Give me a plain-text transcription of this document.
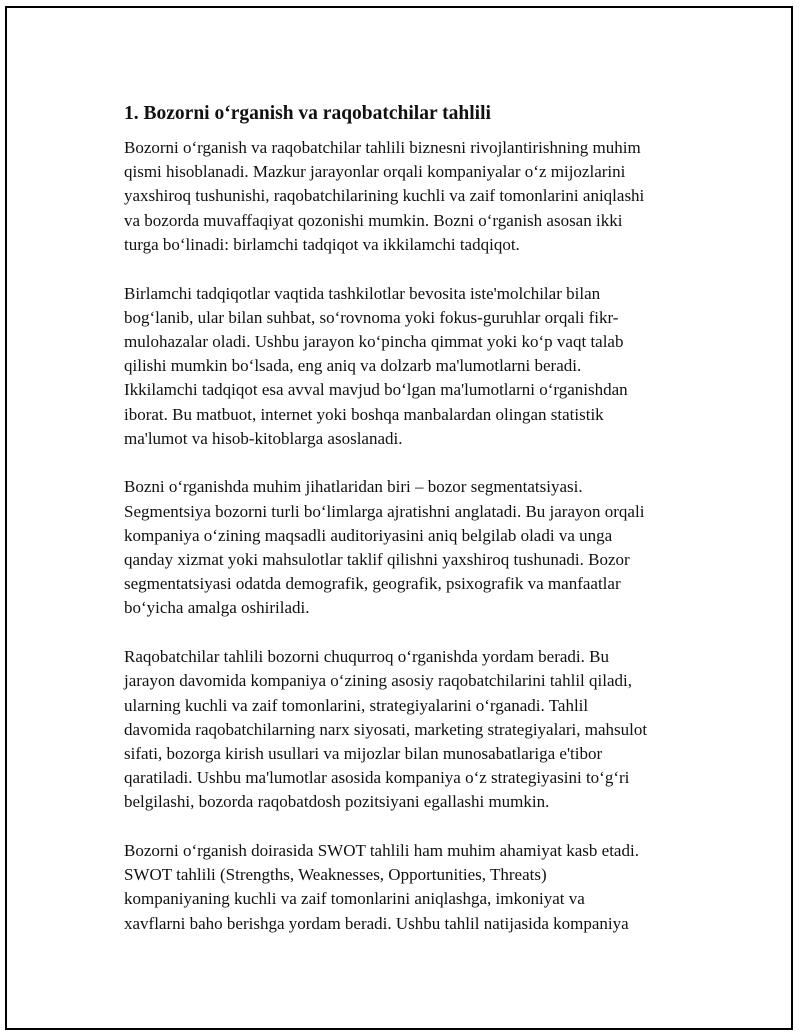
1. Bozorni o‘rganish va raqobatchilar tahlili

Bozorni o‘rganish va raqobatchilar tahlili biznesni rivojlantirishning muhim
qismi hisoblanadi. Mazkur jarayonlar orqali kompaniyalar o‘z mijozlarini
yaxshiroq tushunishi, raqobatchilarining kuchli va zaif tomonlarini aniqlashi
va bozorda muvaffaqiyat qozonishi mumkin. Bozni o‘rganish asosan ikki
turga bo‘linadi: birlamchi tadqiqot va ikkilamchi tadqiqot.

Birlamchi tadqiqotlar vaqtida tashkilotlar bevosita iste'molchilar bilan
bog‘lanib, ular bilan suhbat, so‘rovnoma yoki fokus-guruhlar orqali fikr-
mulohazalar oladi. Ushbu jarayon ko‘pincha qimmat yoki ko‘p vaqt talab
qilishi mumkin bo‘lsada, eng aniq va dolzarb ma'lumotlarni beradi.
Ikkilamchi tadqiqot esa avval mavjud bo‘lgan ma'lumotlarni o‘rganishdan
iborat. Bu matbuot, internet yoki boshqa manbalardan olingan statistik
ma'lumot va hisob-kitoblarga asoslanadi.

Bozni o‘rganishda muhim jihatlaridan biri – bozor segmentatsiyasi.
Segmentsiya bozorni turli bo‘limlarga ajratishni anglatadi. Bu jarayon orqali
kompaniya o‘zining maqsadli auditoriyasini aniq belgilab oladi va unga
qanday xizmat yoki mahsulotlar taklif qilishni yaxshiroq tushunadi. Bozor
segmentatsiyasi odatda demografik, geografik, psixografik va manfaatlar
bo‘yicha amalga oshiriladi.

Raqobatchilar tahlili bozorni chuqurroq o‘rganishda yordam beradi. Bu
jarayon davomida kompaniya o‘zining asosiy raqobatchilarini tahlil qiladi,
ularning kuchli va zaif tomonlarini, strategiyalarini o‘rganadi. Tahlil
davomida raqobatchilarning narx siyosati, marketing strategiyalari, mahsulot
sifati, bozorga kirish usullari va mijozlar bilan munosabatlariga e'tibor
qaratiladi. Ushbu ma'lumotlar asosida kompaniya o‘z strategiyasini to‘g‘ri
belgilashi, bozorda raqobatdosh pozitsiyani egallashi mumkin.

Bozorni o‘rganish doirasida SWOT tahlili ham muhim ahamiyat kasb etadi.
SWOT tahlili (Strengths, Weaknesses, Opportunities, Threats)
kompaniyaning kuchli va zaif tomonlarini aniqlashga, imkoniyat va
xavflarni baho berishga yordam beradi. Ushbu tahlil natijasida kompaniya
